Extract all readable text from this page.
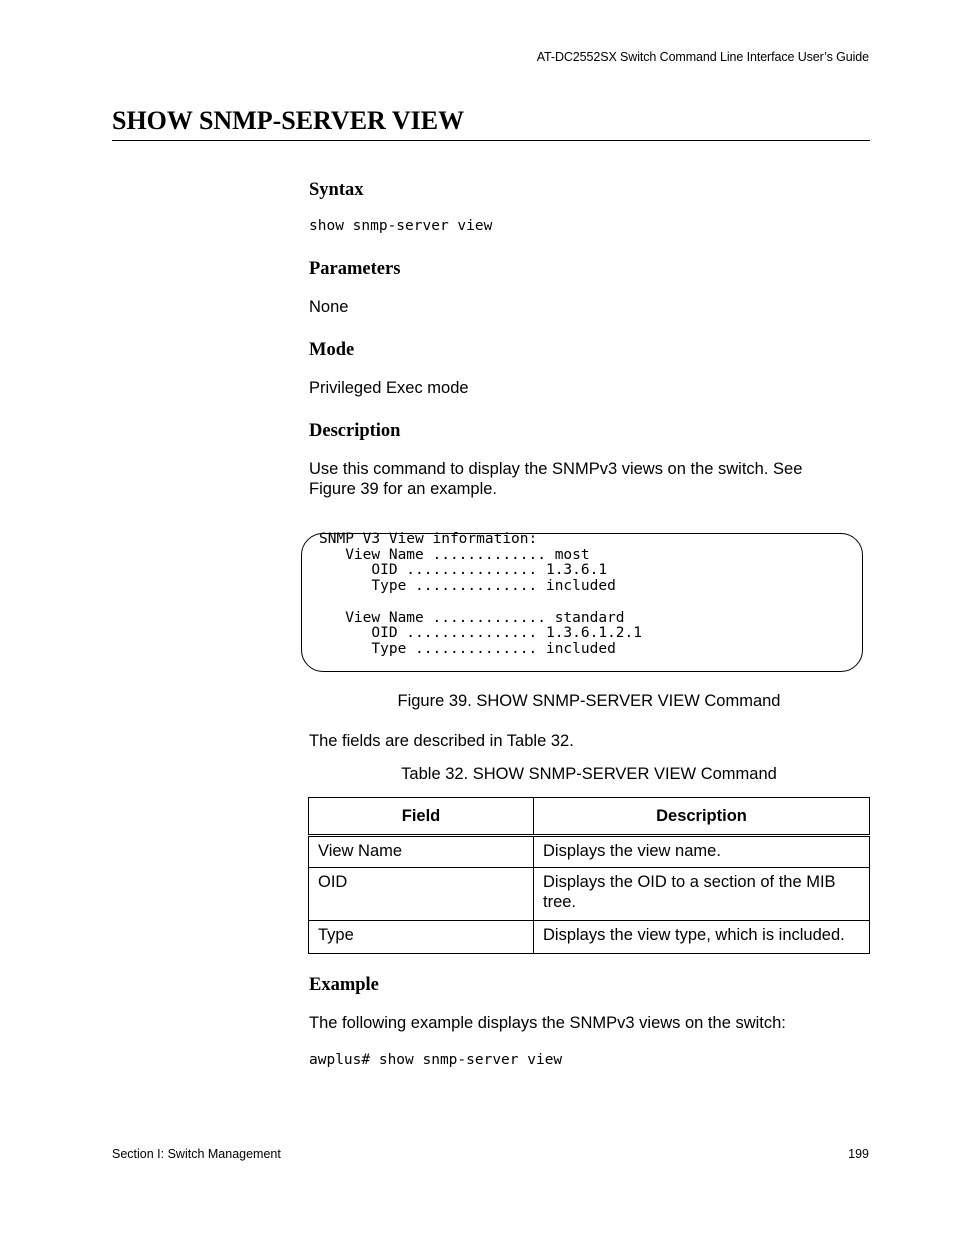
AT-DC2552SX Switch Command Line Interface User’s Guide
SHOW SNMP-SERVER VIEW
Syntax
show snmp-server view
Parameters
None
Mode
Privileged Exec mode
Description
Use this command to display the SNMPv3 views on the switch. See
Figure 39 for an example.
SNMP V3 View information:
View Name ............. most
OID ............... 1.3.6.1
Type .............. included

View Name ............. standard
OID ............... 1.3.6.1.2.1
Type .............. included
Figure 39. SHOW SNMP-SERVER VIEW Command
The fields are described in Table 32.
Table 32. SHOW SNMP-SERVER VIEW Command
Field	Description
View Name	Displays the view name.
OID	Displays the OID to a section of the MIB tree.
Type	Displays the view type, which is included.
Example
The following example displays the SNMPv3 views on the switch:
awplus# show snmp-server view
Section I: Switch Management	199
